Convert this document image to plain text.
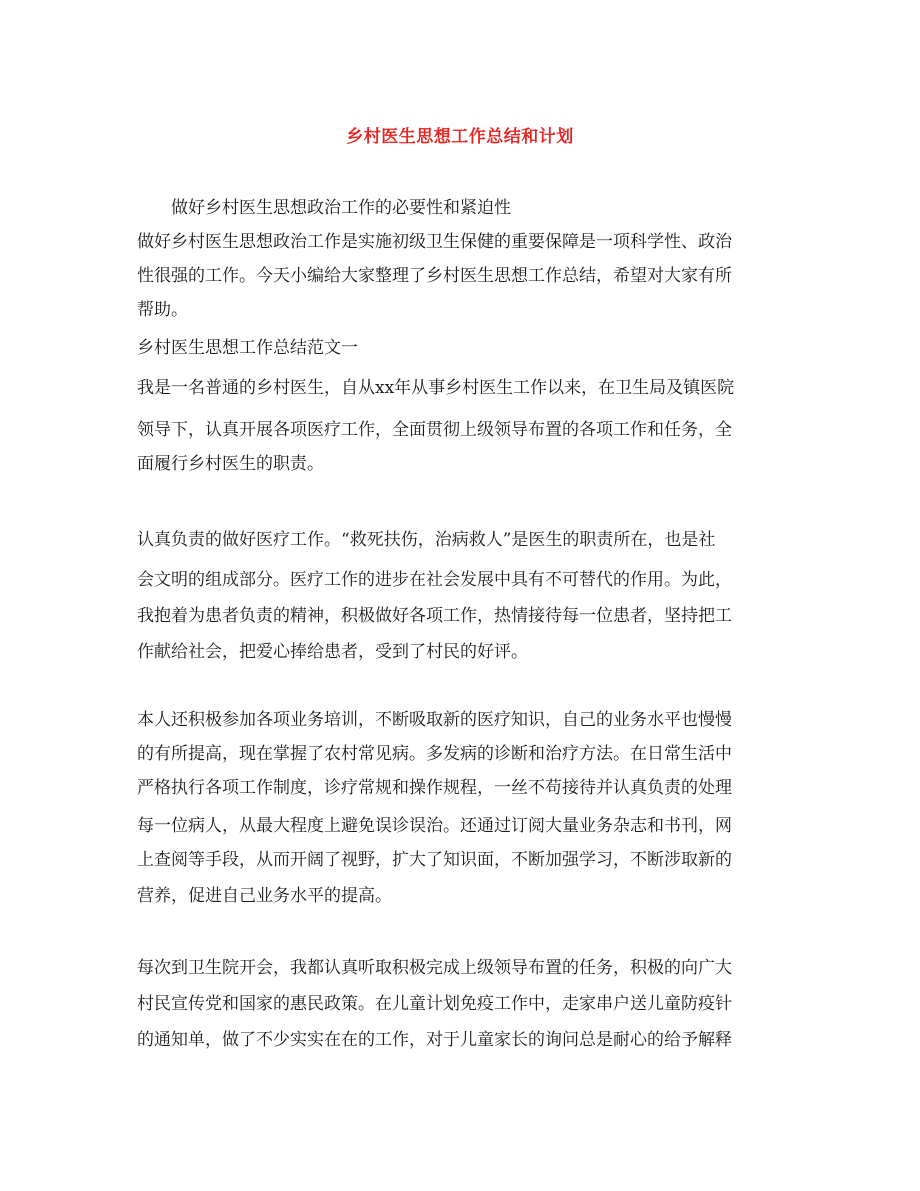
乡村医生思想工作总结和计划
做好乡村医生思想政治工作的必要性和紧迫性
做好乡村医生思想政治工作是实施初级卫生保健的重要保障是一项科学性、政治
性很强的工作。今天小编给大家整理了乡村医生思想工作总结，希望对大家有所
帮助。
乡村医生思想工作总结范文一
我是一名普通的乡村医生，自从xx年从事乡村医生工作以来，在卫生局及镇医院
领导下，认真开展各项医疗工作，全面贯彻上级领导布置的各项工作和任务，全
面履行乡村医生的职责。
认真负责的做好医疗工作。“救死扶伤，治病救人”是医生的职责所在，也是社
会文明的组成部分。医疗工作的进步在社会发展中具有不可替代的作用。为此，
我抱着为患者负责的精神，积极做好各项工作，热情接待每一位患者，坚持把工
作献给社会，把爱心捧给患者，受到了村民的好评。
本人还积极参加各项业务培训，不断吸取新的医疗知识，自己的业务水平也慢慢
的有所提高，现在掌握了农村常见病。多发病的诊断和治疗方法。在日常生活中
严格执行各项工作制度，诊疗常规和操作规程，一丝不苟接待并认真负责的处理
每一位病人，从最大程度上避免误诊误治。还通过订阅大量业务杂志和书刊，网
上查阅等手段，从而开阔了视野，扩大了知识面，不断加强学习，不断涉取新的
营养，促进自己业务水平的提高。
每次到卫生院开会，我都认真听取积极完成上级领导布置的任务，积极的向广大
村民宣传党和国家的惠民政策。在儿童计划免疫工作中，走家串户送儿童防疫针
的通知单，做了不少实实在在的工作，对于儿童家长的询问总是耐心的给予解释
